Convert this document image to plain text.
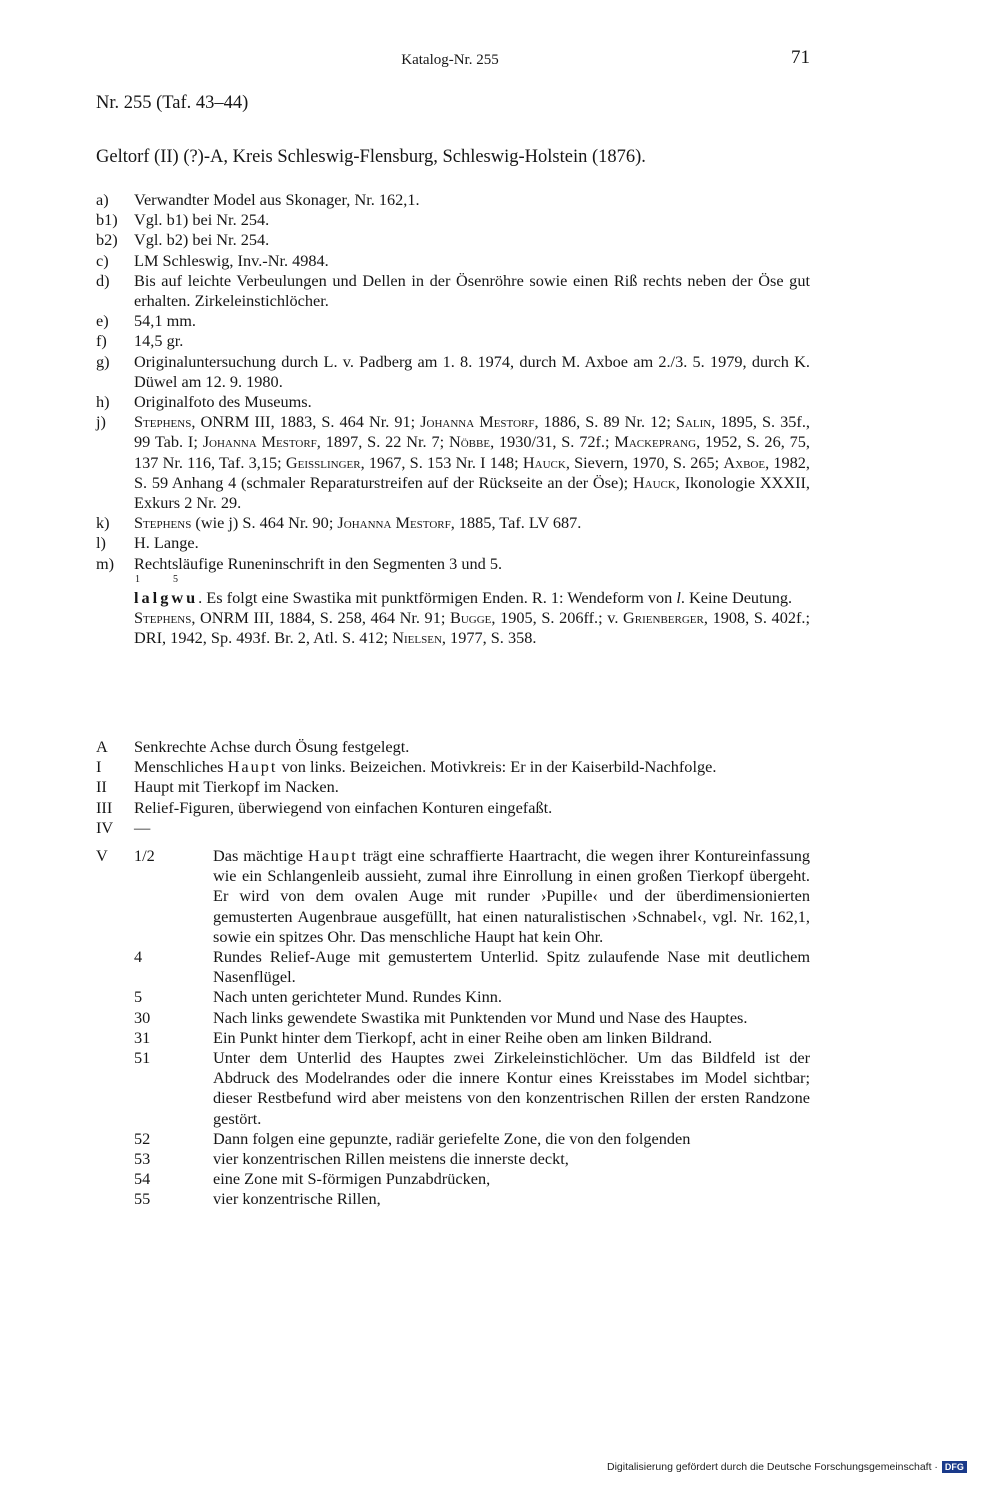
Katalog-Nr. 255	71
Nr. 255 (Taf. 43–44)
Geltorf (II) (?)-A, Kreis Schleswig-Flensburg, Schleswig-Holstein (1876).
a) Verwandter Model aus Skonager, Nr. 162,1.
b1) Vgl. b1) bei Nr. 254.
b2) Vgl. b2) bei Nr. 254.
c) LM Schleswig, Inv.-Nr. 4984.
d) Bis auf leichte Verbeulungen und Dellen in der Ösenröhre sowie einen Riß rechts neben der Öse gut erhalten. Zirkeleinstichlöcher.
e) 54,1 mm.
f) 14,5 gr.
g) Originaluntersuchung durch L. v. Padberg am 1. 8. 1974, durch M. Axboe am 2./3. 5. 1979, durch K. Düwel am 12. 9. 1980.
h) Originalfoto des Museums.
j) Stephens, ONRM III, 1883, S. 464 Nr. 91; Johanna Mestorf, 1886, S. 89 Nr. 12; Salin, 1895, S. 35f., 99 Tab. I; Johanna Mestorf, 1897, S. 22 Nr. 7; Nöbbe, 1930/31, S. 72f.; Mackeprang, 1952, S. 26, 75, 137 Nr. 116, Taf. 3,15; Geisslinger, 1967, S. 153 Nr. I 148; Hauck, Sievern, 1970, S. 265; Axboe, 1982, S. 59 Anhang 4 (schmaler Reparaturstreifen auf der Rückseite an der Öse); Hauck, Ikonologie XXXII, Exkurs 2 Nr. 29.
k) Stephens (wie j) S. 464 Nr. 90; Johanna Mestorf, 1885, Taf. LV 687.
l) H. Lange.
m) Rechtsläufige Runeninschrift in den Segmenten 3 und 5.
1	5
lalgwu. Es folgt eine Swastika mit punktförmigen Enden. R. 1: Wendeform von l. Keine Deutung.
Stephens, ONRM III, 1884, S. 258, 464 Nr. 91; Bugge, 1905, S. 206ff.; v. Grienberger, 1908, S. 402f.; DRI, 1942, Sp. 493f. Br. 2, Atl. S. 412; Nielsen, 1977, S. 358.
A Senkrechte Achse durch Ösung festgelegt.
I Menschliches Haupt von links. Beizeichen. Motivkreis: Er in der Kaiserbild-Nachfolge.
II Haupt mit Tierkopf im Nacken.
III Relief-Figuren, überwiegend von einfachen Konturen eingefaßt.
IV —
V 1/2	Das mächtige Haupt trägt eine schraffierte Haartracht, die wegen ihrer Kontureinfassung wie ein Schlangenleib aussieht, zumal ihre Einrollung in einen großen Tierkopf übergeht. Er wird von dem ovalen Auge mit runder ›Pupille‹ und der überdimensionierten gemusterten Augenbraue ausgefüllt, hat einen naturalistischen ›Schnabel‹, vgl. Nr. 162,1, sowie ein spitzes Ohr. Das menschliche Haupt hat kein Ohr.
4	Rundes Relief-Auge mit gemustertem Unterlid. Spitz zulaufende Nase mit deutlichem Nasenflügel.
5	Nach unten gerichteter Mund. Rundes Kinn.
30	Nach links gewendete Swastika mit Punktenden vor Mund und Nase des Hauptes.
31	Ein Punkt hinter dem Tierkopf, acht in einer Reihe oben am linken Bildrand.
51	Unter dem Unterlid des Hauptes zwei Zirkeleinstichlöcher. Um das Bildfeld ist der Abdruck des Modelrandes oder die innere Kontur eines Kreisstabes im Model sichtbar; dieser Restbefund wird aber meistens von den konzentrischen Rillen der ersten Randzone gestört.
52	Dann folgen eine gepunzte, radiär geriefelte Zone, die von den folgenden
53	vier konzentrischen Rillen meistens die innerste deckt,
54	eine Zone mit S-förmigen Punzabdrücken,
55	vier konzentrische Rillen,
Digitalisierung gefördert durch die Deutsche Forschungsgemeinschaft · DFG
